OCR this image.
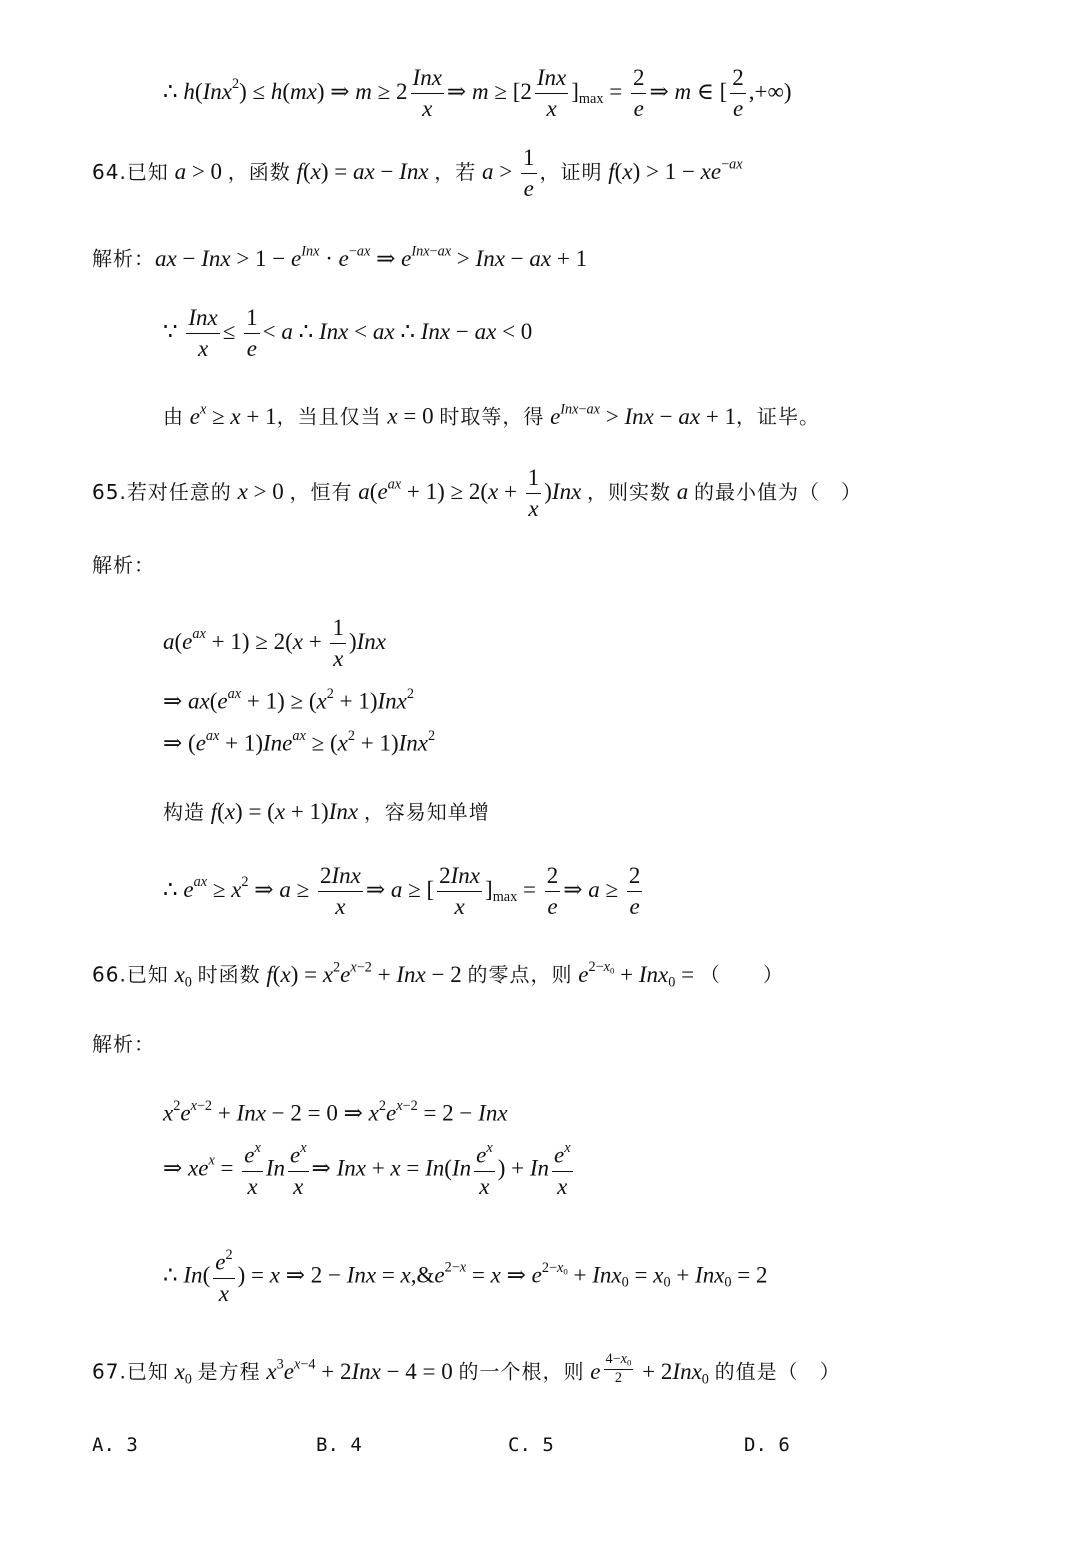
∴ h(Inx$^2$) ≤ h(mx) ⇒ $m \ge 2 \frac{\text{Inx}}{x}$ ⇒ $m \ge [2 \frac{\text{Inx}}{x} ]_{max} = \frac{2}{e}$ ⇒ m ∈ [ $\frac{2}{e}$ ,+∞)
64.已知 a > 0 ，函数 f(x) = ax − Inx ，若 $a > \frac{1}{e}$ ，证明 $f(x) > 1 - xe^{-ax}$
解析：ax − Inx > $1 - e^{Inx} \cdot e^{-ax}$ ⇒ $e^{Inx-ax}$ > Inx − ax + 1
∵ $\frac{\text{Inx}}{x} \le \frac{1}{e} < a$ ∴ Inx < ax ∴ Inx − ax < 0
由 $e^x \ge x + 1$，当且仅当 x = 0 时取等，得 $e^{Inx-ax}$ > Inx − ax + 1，证毕。
65.若对任意的 x > 0 ，恒有 $a(e^{ax} + 1) \ge 2(x + \frac{1}{x} )Inx$ ，则实数 a 的最小值为（　）
解析：
$a(e^{ax} + 1) \ge 2(x + \frac{1}{x} )Inx$
⇒ $ax(e^{ax} + 1) \ge (x^2 + 1)Inx^2$
⇒ $(e^{ax} + 1)Ine^{ax} \ge (x^2 + 1)Inx^2$
构造 f(x) = (x + 1)Inx ，容易知单增
∴ $e^{ax} \ge x^2$ ⇒ $a \ge \frac{\text{2Inx}}{x}$ ⇒ a ≥ [ $\frac{\text{2Inx}}{x} ]_{max} = \frac{2}{e}$ ⇒ $a \ge \frac{2}{e}$
66.已知 $x_0$ 时函数 $f(x) = x^2e^{x-2}$ + Inx − 2 的零点，则 $e^{2-x_0} + Inx_0$ = （　　）
解析：
$x^2e^{x-2}$ + Inx − 2 = 0 ⇒ $x^2e^{x-2} = 2$ − Inx
⇒ $xe^x = \frac{e^x}{x}$ In $\frac{e^x}{x}$ ⇒ Inx + $x = In(In \frac{e^x}{x}$ ) + In $\frac{e^x}{x}$
∴ $In( \frac{e^2}{x}$ ) = x ⇒ 2 − Inx = $x,\&e^{2-x} = x$ ⇒ $e^{2-x_0} + Inx_0 = x_0 + Inx_0 = 2$
67.已知 $x_0$ 是方程 $x^3e^{x-4} + 2Inx - 4 = 0$ 的一个根，则 e $\frac{4-x_0}{2} + 2Inx_0$ 的值是（　）
A. 3	B. 4	C. 5	D. 6
